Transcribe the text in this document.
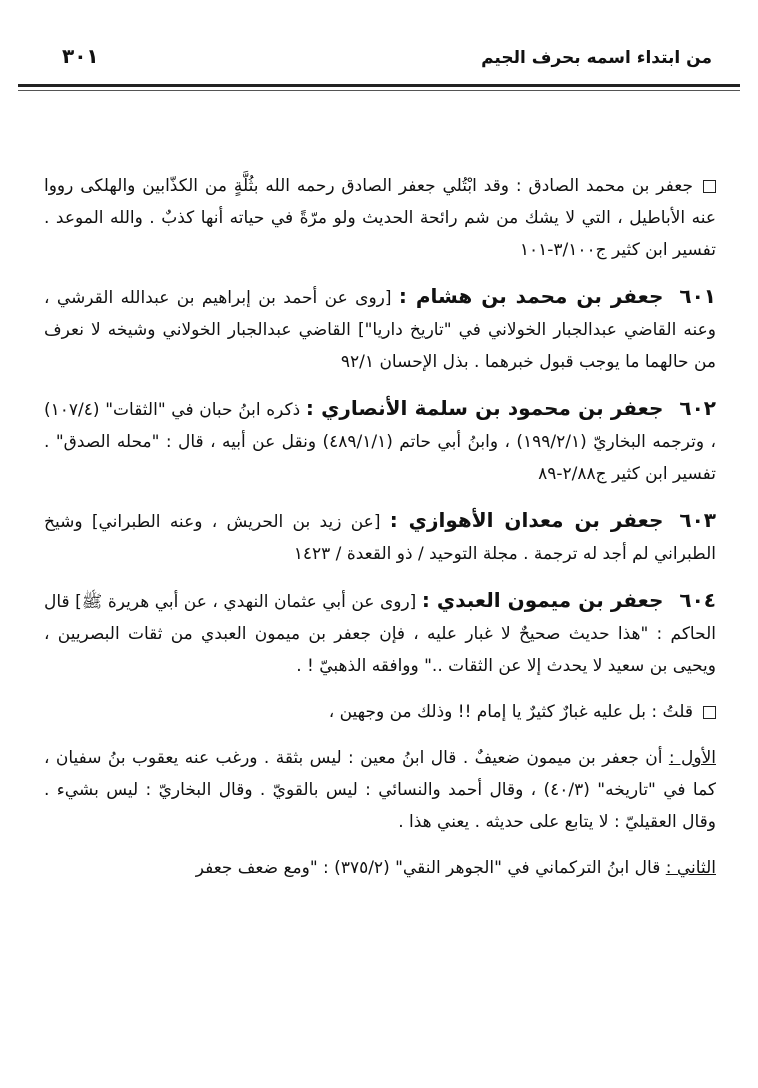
٣٠١	من ابتداء اسمه بحرف الجيم

جعفر بن محمد الصادق : وقد ابْتُلي جعفر الصادق رحمه الله بثُلَّةٍ من الكذّابين والهلكى رووا عنه الأباطيل ، التي لا يشك من شم رائحة الحديث ولو مرّةً في حياته أنها كذبٌ . والله الموعد . تفسير ابن كثير ج٣/١٠٠-١٠١

٦٠١جعفر بن محمد بن هشام : [روى عن أحمد بن إبراهيم بن عبدالله القرشي ، وعنه القاضي عبدالجبار الخولاني في "تاريخ داريا"] القاضي عبدالجبار الخولاني وشيخه لا نعرف من حالهما ما يوجب قبول خبرهما . بذل الإحسان ٩٢/١

٦٠٢جعفر بن محمود بن سلمة الأنصاري : ذكره ابنُ حبان في "الثقات" (١٠٧/٤) ، وترجمه البخاريّ (١٩٩/٢/١) ، وابنُ أبي حاتم (٤٨٩/١/١) ونقل عن أبيه ، قال : "محله الصدق" . تفسير ابن كثير ج٢/٨٨-٨٩

٦٠٣جعفر بن معدان الأهوازي : [عن زيد بن الحريش ، وعنه الطبراني] وشيخ الطبراني لم أجد له ترجمة . مجلة التوحيد / ذو القعدة / ١٤٢٣

٦٠٤جعفر بن ميمون العبدي : [روى عن أبي عثمان النهدي ، عن أبي هريرة ﷺ] قال الحاكم : "هذا حديث صحيحٌ لا غبار عليه ، فإن جعفر بن ميمون العبدي من ثقات البصريين ، ويحيى بن سعيد لا يحدث إلا عن الثقات .." ووافقه الذهبيّ ! .

قلتُ : بل عليه غبارٌ كثيرٌ يا إمام !! وذلك من وجهين ،

الأول : أن جعفر بن ميمون ضعيفٌ . قال ابنُ معين : ليس بثقة . ورغب عنه يعقوب بنُ سفيان ، كما في "تاريخه" (٤٠/٣) ، وقال أحمد والنسائي : ليس بالقويّ . وقال البخاريّ : ليس بشيء . وقال العقيليّ : لا يتابع على حديثه . يعني هذا .

الثاني : قال ابنُ التركماني في "الجوهر النقي" (٣٧٥/٢) : "ومع ضعف جعفر
